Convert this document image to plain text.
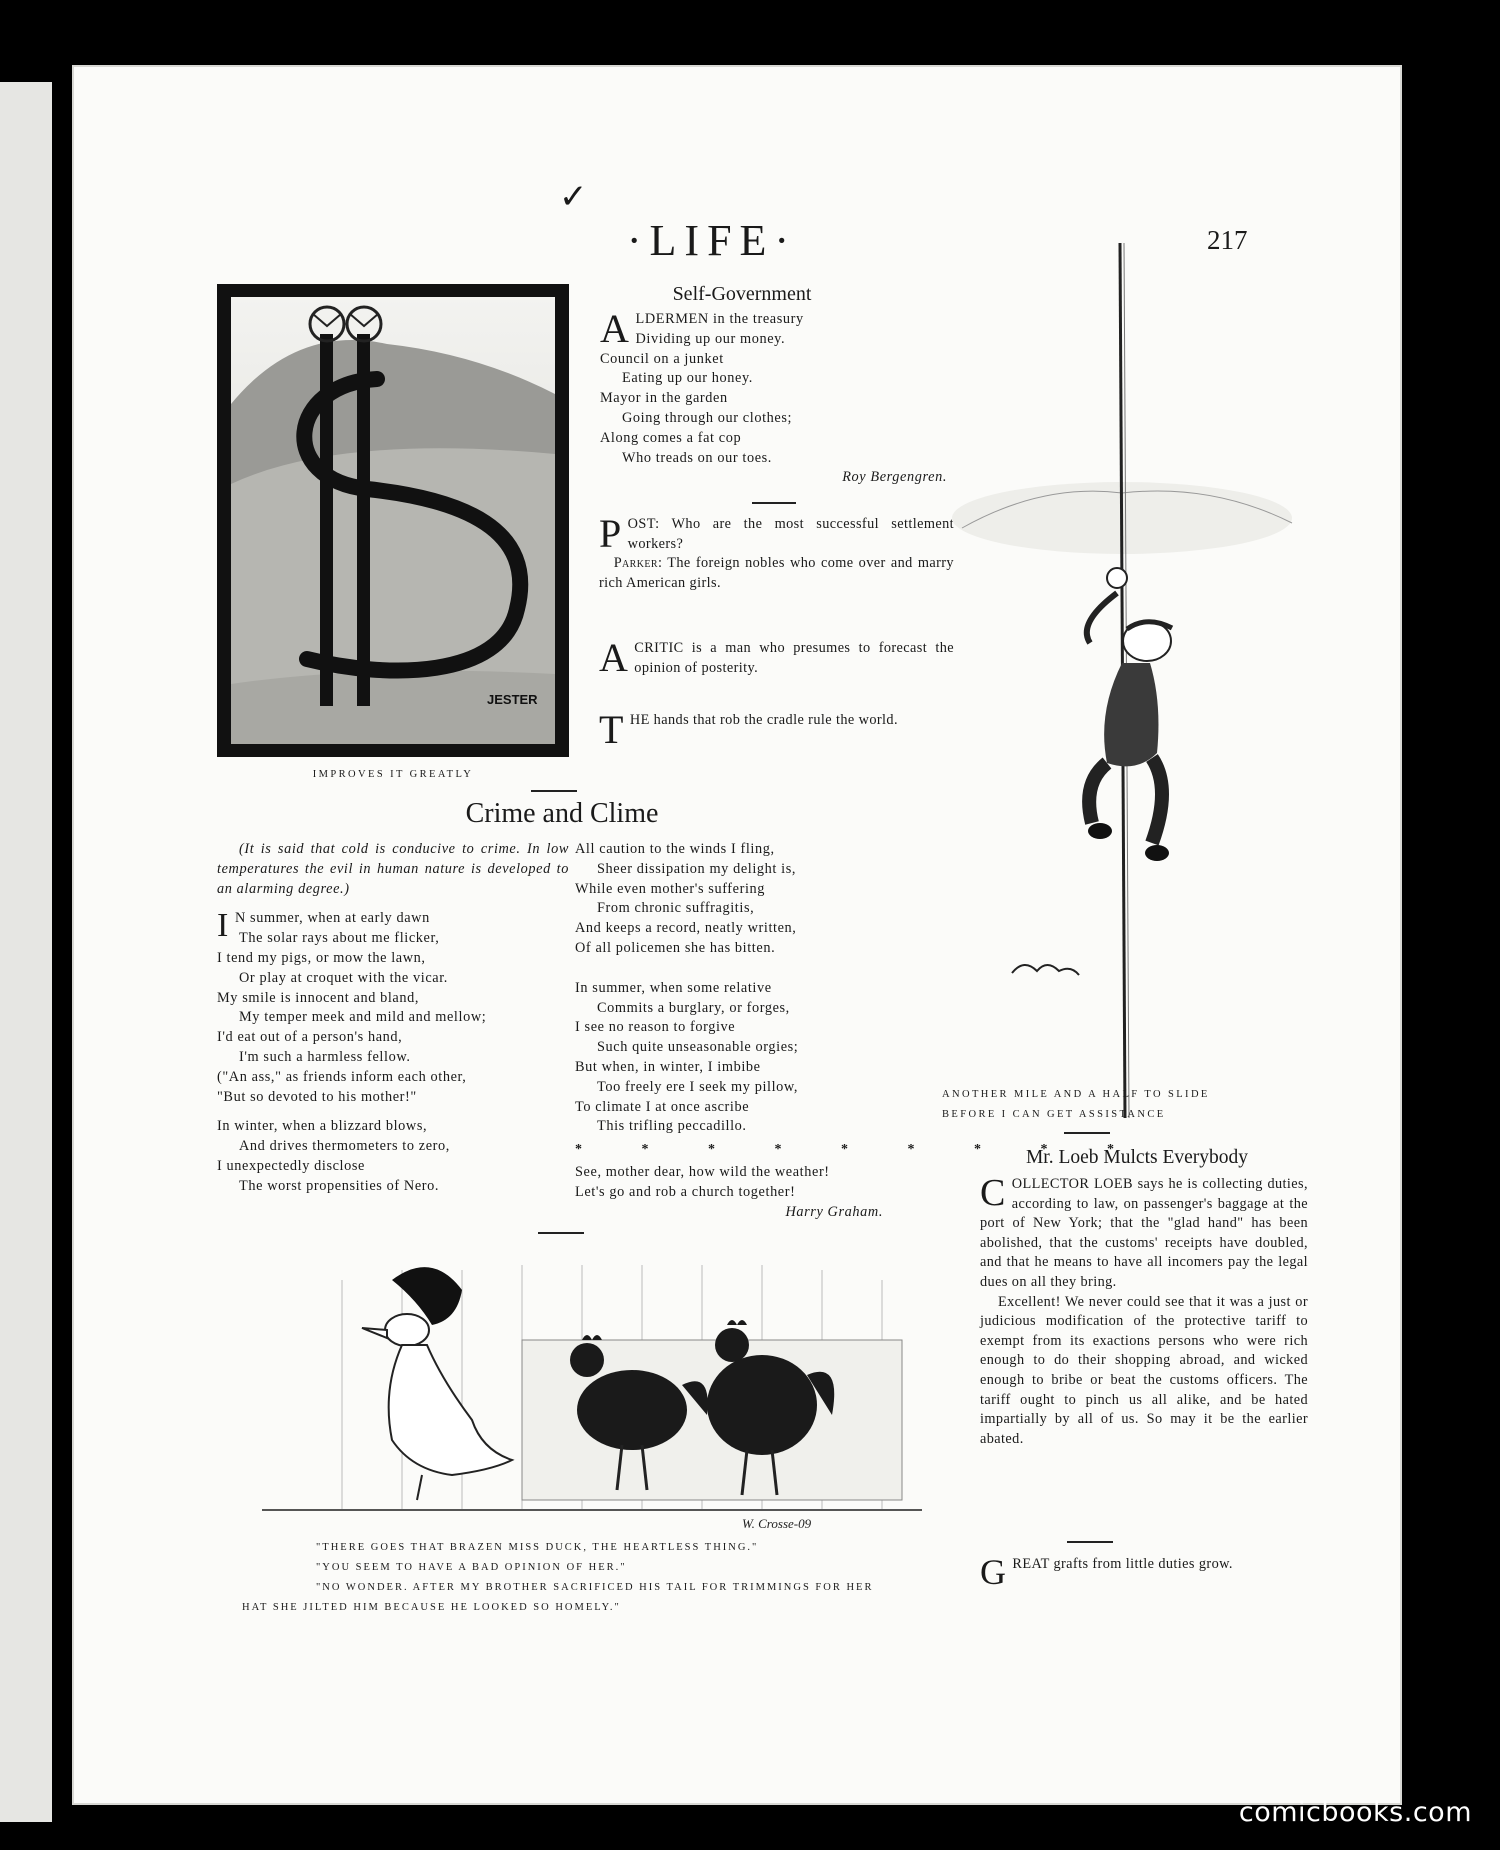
✓
·LIFE·	217
JESTER
IMPROVES IT GREATLY
Self-Government
ALDERMEN in the treasury
Dividing up our money.
Council on a junket
Eating up our honey.
Mayor in the garden
Going through our clothes;
Along comes a fat cop
Who treads on our toes.
Roy Bergengren.
POST: Who are the most successful settlement workers?
 Parker: The foreign nobles who come over and marry rich American girls.
ACRITIC is a man who presumes to forecast the opinion of posterity.
THE hands that rob the cradle rule the world.
ANOTHER MILE AND A HALF TO SLIDE
BEFORE I CAN GET ASSISTANCE
Crime and Clime
(It is said that cold is conducive to crime. In low temperatures the evil in human nature is developed to an alarming degree.)
I N summer, when at early dawn
The solar rays about me flicker,
I tend my pigs, or mow the lawn,
Or play at croquet with the vicar.
My smile is innocent and bland,
My temper meek and mild and mellow;
I'd eat out of a person's hand,
I'm such a harmless fellow.
("An ass," as friends inform each other,
"But so devoted to his mother!"
In winter, when a blizzard blows,
And drives thermometers to zero,
I unexpectedly disclose
The worst propensities of Nero.
All caution to the winds I fling,
Sheer dissipation my delight is,
While even mother's suffering
From chronic suffragitis,
And keeps a record, neatly written,
Of all policemen she has bitten.
In summer, when some relative
Commits a burglary, or forges,
I see no reason to forgive
Such quite unseasonable orgies;
But when, in winter, I imbibe
Too freely ere I seek my pillow,
To climate I at once ascribe
This trifling peccadillo.
* * * * * * * * *
See, mother dear, how wild the weather!
Let's go and rob a church together!
Harry Graham.
W. Crosse-09
"THERE GOES THAT BRAZEN MISS DUCK, THE HEARTLESS THING."
"YOU SEEM TO HAVE A BAD OPINION OF HER."
"NO WONDER. AFTER MY BROTHER SACRIFICED HIS TAIL FOR TRIMMINGS FOR HER
HAT SHE JILTED HIM BECAUSE HE LOOKED SO HOMELY."
Mr. Loeb Mulcts Everybody

COLLECTOR LOEB says he is collecting duties, according to law, on passenger's baggage at the port of New York; that the "glad hand" has been abolished, that the customs' receipts have doubled, and that he means to have all incomers pay the legal dues on all they bring.

Excellent! We never could see that it was a just or judicious modification of the protective tariff to exempt from its exactions persons who were rich enough to do their shopping abroad, and wicked enough to bribe or beat the customs officers. The tariff ought to pinch us all alike, and be hated impartially by all of us. So may it be the earlier abated.

GREAT grafts from little duties grow.
comicbooks.com
